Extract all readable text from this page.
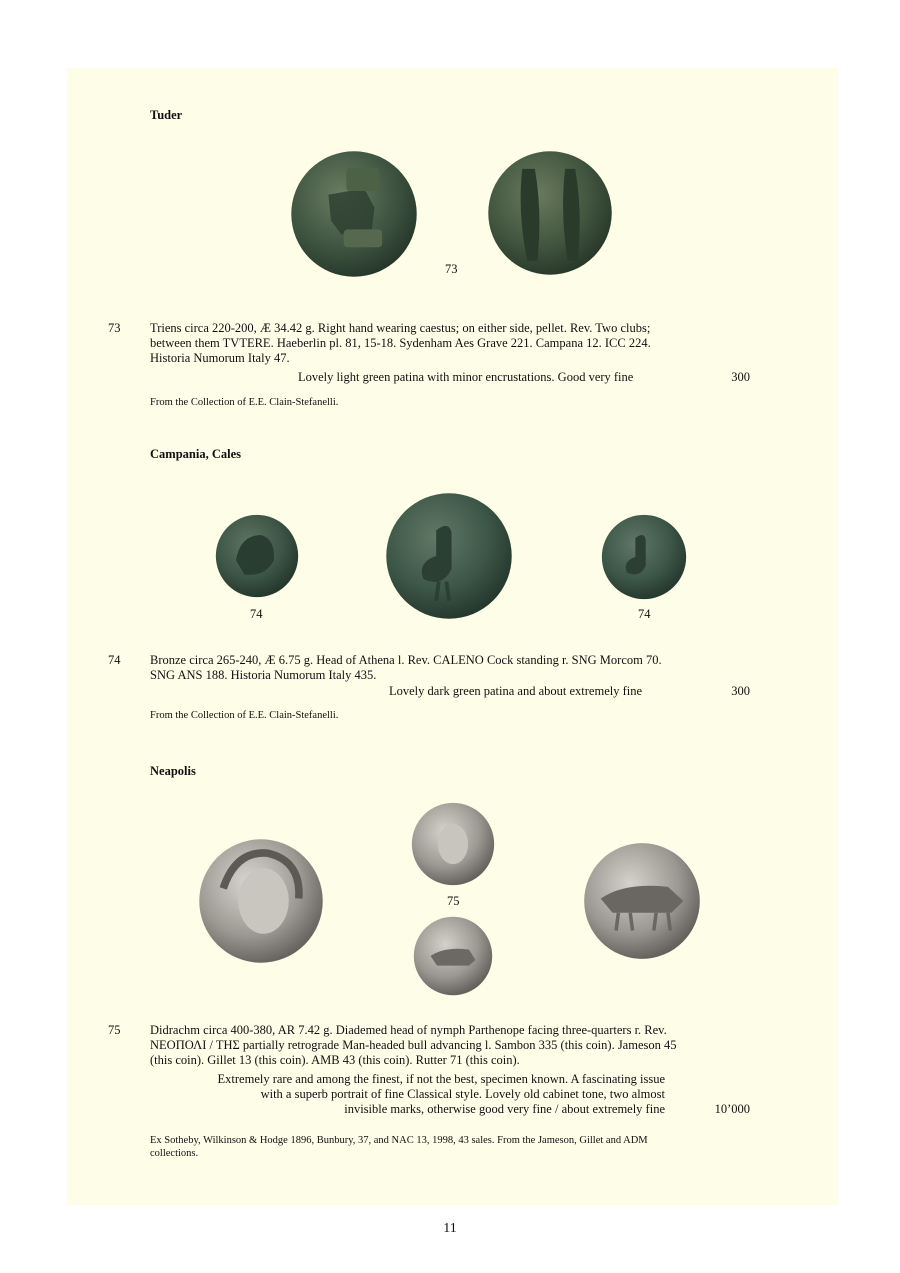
Tuder
73
73 Triens circa 220-200, Æ 34.42 g. Right hand wearing caestus; on either side, pellet. Rev. Two clubs;
between them TVTERE. Haeberlin pl. 81, 15-18. Sydenham Aes Grave 221. Campana 12. ICC 224.
Historia Numorum Italy 47.
Lovely light green patina with minor encrustations. Good very fine	300
From the Collection of E.E. Clain-Stefanelli.
Campania, Cales
74	74
74 Bronze circa 265-240, Æ 6.75 g. Head of Athena l. Rev. CALENO Cock standing r. SNG Morcom 70.
SNG ANS 188. Historia Numorum Italy 435.
Lovely dark green patina and about extremely fine	300
From the Collection of E.E. Clain-Stefanelli.
Neapolis
75
75 Didrachm circa 400-380, AR 7.42 g. Diademed head of nymph Parthenope facing three-quarters r. Rev.
ΝΕΟΠΟΛΙ / ΤΗΣ partially retrograde Man-headed bull advancing l. Sambon 335 (this coin). Jameson 45
(this coin). Gillet 13 (this coin). AMB 43 (this coin). Rutter 71 (this coin).
Extremely rare and among the finest, if not the best, specimen known. A fascinating issue
with a superb portrait of fine Classical style. Lovely old cabinet tone, two almost
invisible marks, otherwise good very fine / about extremely fine	10’000
Ex Sotheby, Wilkinson & Hodge 1896, Bunbury, 37, and NAC 13, 1998, 43 sales. From the Jameson, Gillet and ADM
collections.
11
